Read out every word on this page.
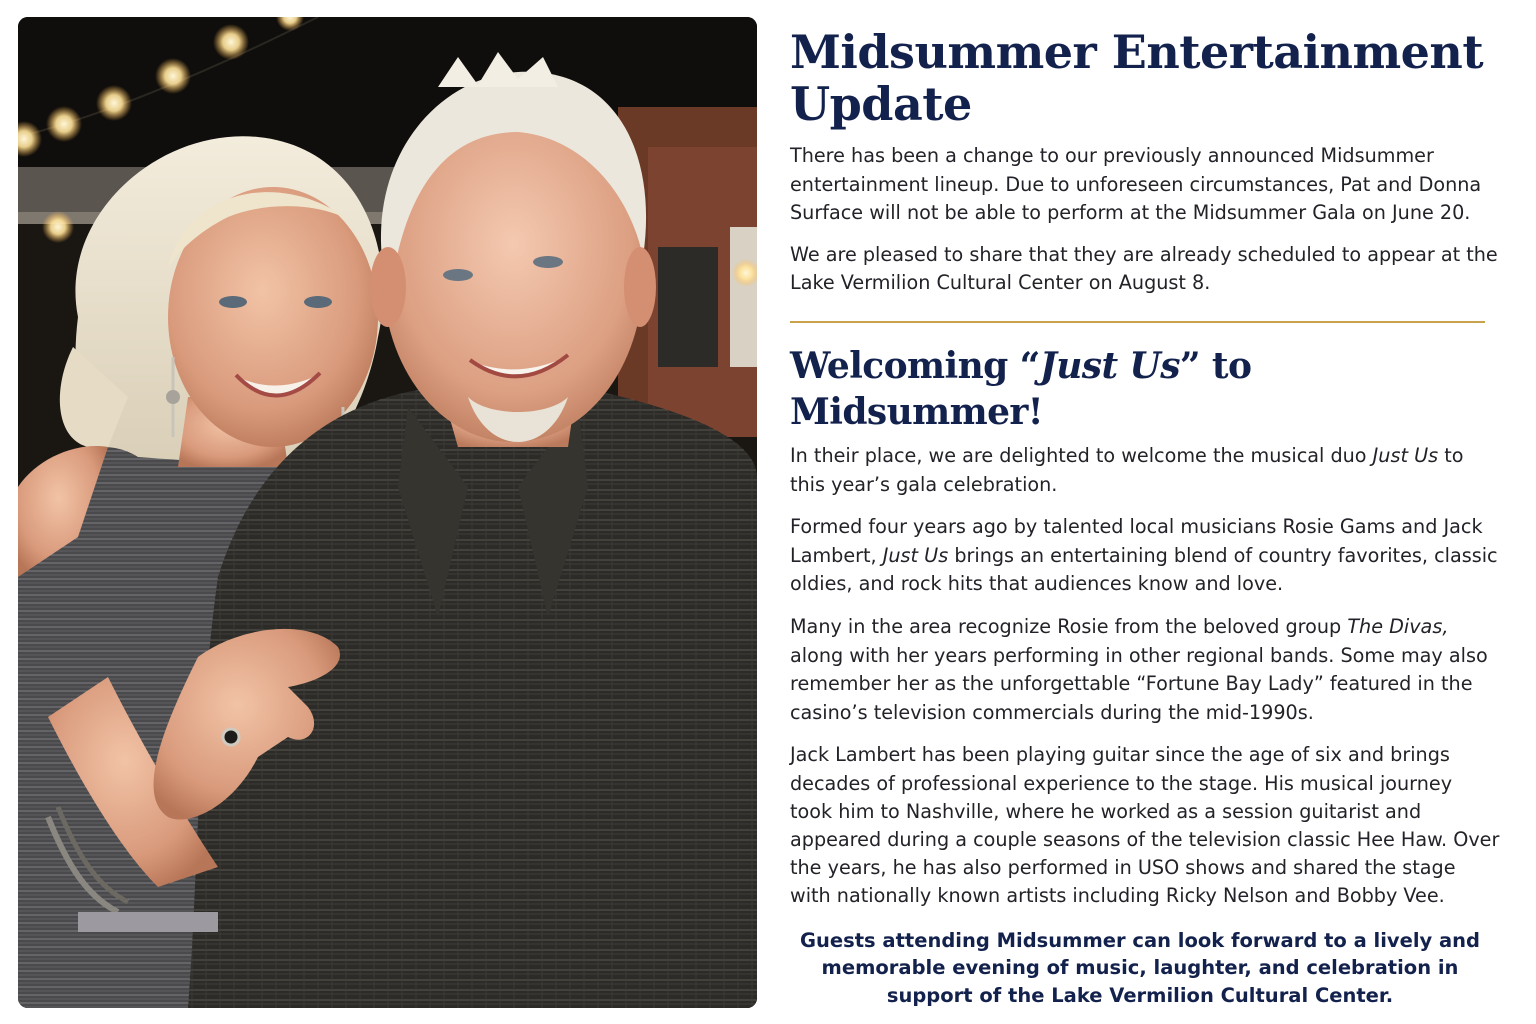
Midsummer Entertainment Update

There has been a change to our previously announced Midsummer entertainment lineup. Due to unforeseen circumstances, Pat and Donna Surface will not be able to perform at the Midsummer Gala on June 20.

We are pleased to share that they are already scheduled to appear at the Lake Vermilion Cultural Center on August 8.

Welcoming “Just Us” to Midsummer!

In their place, we are delighted to welcome the musical duo Just Us to this year’s gala celebration.

Formed four years ago by talented local musicians Rosie Gams and Jack Lambert, Just Us brings an entertaining blend of country favorites, classic oldies, and rock hits that audiences know and love.

Many in the area recognize Rosie from the beloved group The Divas, along with her years performing in other regional bands. Some may also remember her as the unforgettable “Fortune Bay Lady” featured in the casino’s television commercials during the mid-1990s.

Jack Lambert has been playing guitar since the age of six and brings decades of professional experience to the stage. His musical journey took him to Nashville, where he worked as a session guitarist and appeared during a couple seasons of the television classic Hee Haw. Over the years, he has also performed in USO shows and shared the stage with nationally known artists including Ricky Nelson and Bobby Vee.

Guests attending Midsummer can look forward to a lively and memorable evening of music, laughter, and celebration in support of the Lake Vermilion Cultural Center.
